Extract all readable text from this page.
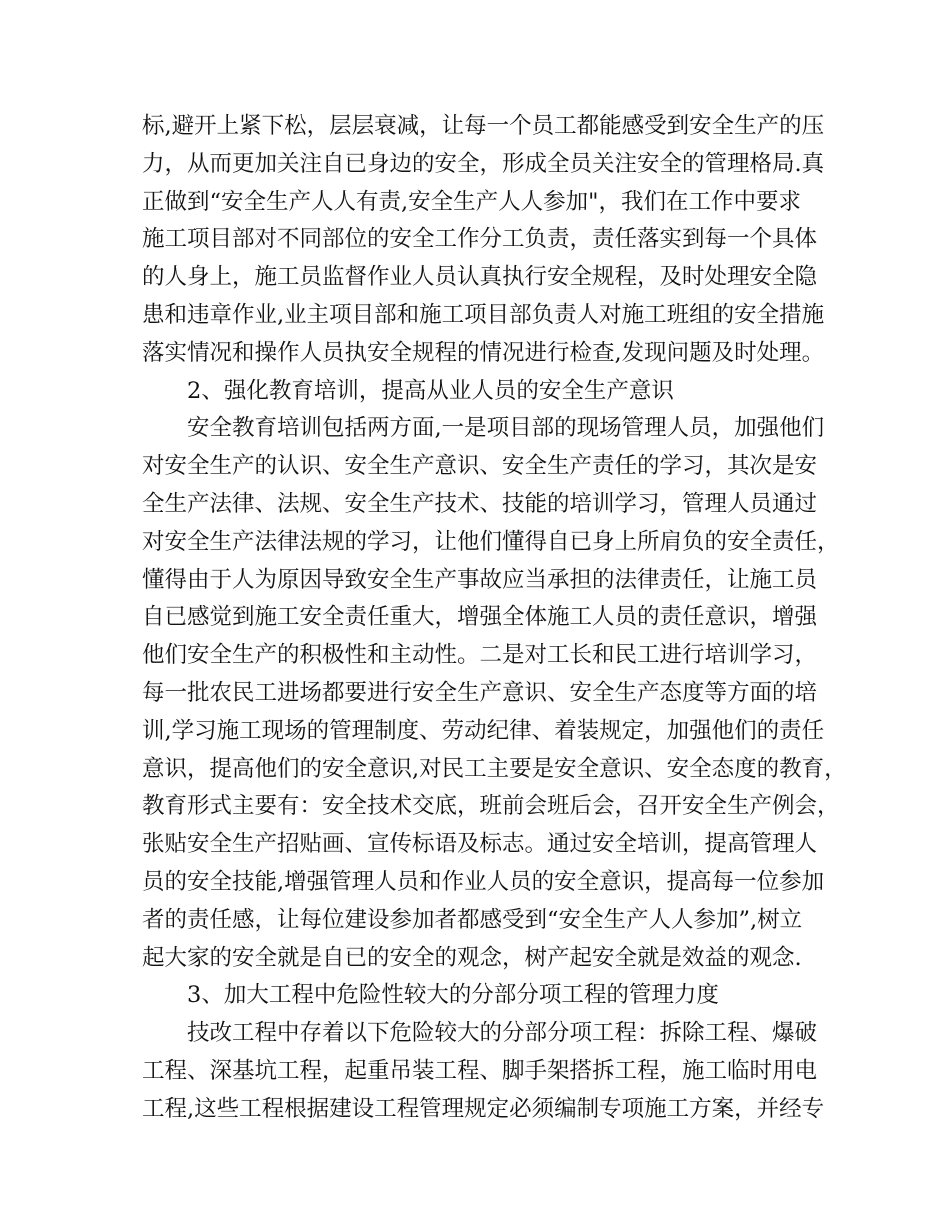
标,避开上紧下松，层层衰减，让每一个员工都能感受到安全生产的压
力，从而更加关注自已身边的安全，形成全员关注安全的管理格局.真
正做到“安全生产人人有责,安全生产人人参加"，我们在工作中要求
施工项目部对不同部位的安全工作分工负责，责任落实到每一个具体
的人身上，施工员监督作业人员认真执行安全规程，及时处理安全隐
患和违章作业,业主项目部和施工项目部负责人对施工班组的安全措施
落实情况和操作人员执安全规程的情况进行检查,发现问题及时处理。
2、强化教育培训，提高从业人员的安全生产意识
安全教育培训包括两方面,一是项目部的现场管理人员，加强他们
对安全生产的认识、安全生产意识、安全生产责任的学习，其次是安
全生产法律、法规、安全生产技术、技能的培训学习，管理人员通过
对安全生产法律法规的学习，让他们懂得自已身上所肩负的安全责任，
懂得由于人为原因导致安全生产事故应当承担的法律责任，让施工员
自已感觉到施工安全责任重大，增强全体施工人员的责任意识，增强
他们安全生产的积极性和主动性。二是对工长和民工进行培训学习，
每一批农民工进场都要进行安全生产意识、安全生产态度等方面的培
训,学习施工现场的管理制度、劳动纪律、着装规定，加强他们的责任
意识，提高他们的安全意识,对民工主要是安全意识、安全态度的教育，
教育形式主要有：安全技术交底，班前会班后会，召开安全生产例会，
张贴安全生产招贴画、宣传标语及标志。通过安全培训，提高管理人
员的安全技能,增强管理人员和作业人员的安全意识，提高每一位参加
者的责任感，让每位建设参加者都感受到“安全生产人人参加”,树立
起大家的安全就是自已的安全的观念，树产起安全就是效益的观念.
3、加大工程中危险性较大的分部分项工程的管理力度
技改工程中存着以下危险较大的分部分项工程：拆除工程、爆破
工程、深基坑工程，起重吊装工程、脚手架搭拆工程，施工临时用电
工程,这些工程根据建设工程管理规定必须编制专项施工方案，并经专
